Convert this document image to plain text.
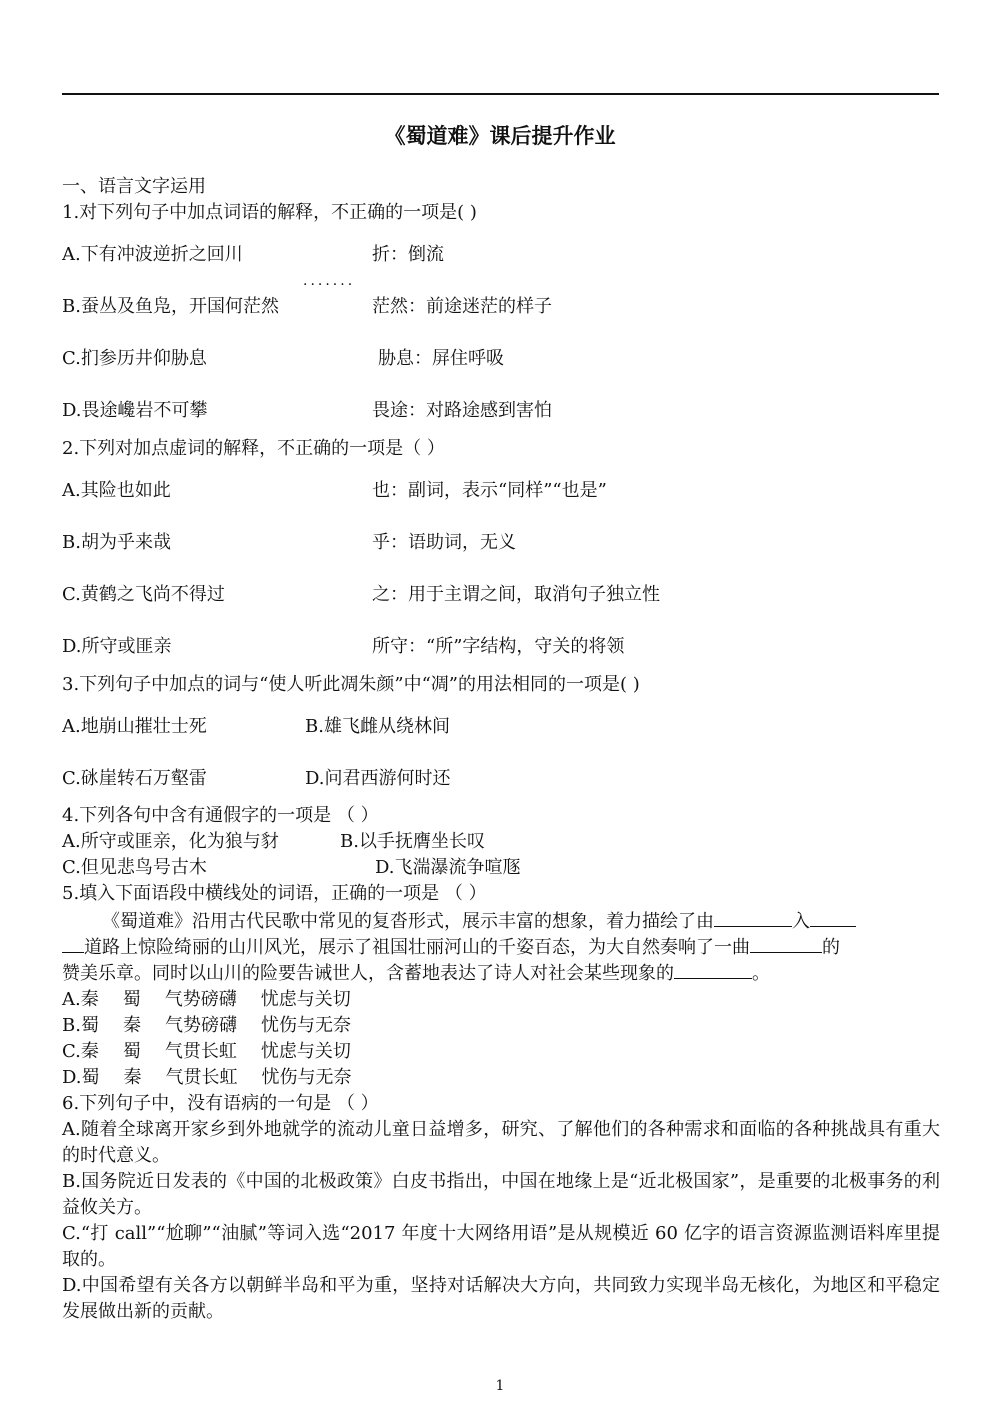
《蜀道难》课后提升作业
一、语言文字运用
1.对下列句子中加点词语的解释，不正确的一项是( )
A.下有冲波逆折之回川	折：倒流
·······
B.蚕丛及鱼凫，开国何茫然	茫然：前途迷茫的样子
C.扪参历井仰胁息	胁息：屏住呼吸
D.畏途巉岩不可攀	畏途：对路途感到害怕
2.下列对加点虚词的解释，不正确的一项是（ ）
A.其险也如此	也：副词，表示“同样”“也是”
B.胡为乎来哉	乎：语助词，无义
C.黄鹤之飞尚不得过	之：用于主谓之间，取消句子独立性
D.所守或匪亲	所守：“所”字结构，守关的将领
3.下列句子中加点的词与“使人听此凋朱颜”中“凋”的用法相同的一项是( )
A.地崩山摧壮士死	B.雄飞雌从绕林间
C.砯崖转石万壑雷	D.问君西游何时还
4.下列各句中含有通假字的一项是 （ ）
A.所守或匪亲，化为狼与豺	B.以手抚膺坐长叹
C.但见悲鸟号古木	D.飞湍瀑流争喧豗
5.填入下面语段中横线处的词语，正确的一项是 （ ）
《蜀道难》沿用古代民歌中常见的复沓形式，展示丰富的想象，着力描绘了由	入
道路上惊险绮丽的山川风光，展示了祖国壮丽河山的千姿百态，为大自然奏响了一曲	的
赞美乐章。同时以山川的险要告诫世人，含蓄地表达了诗人对社会某些现象的	。
A.秦 蜀 气势磅礴 忧虑与关切
B.蜀 秦 气势磅礴 忧伤与无奈
C.秦 蜀 气贯长虹 忧虑与关切
D.蜀 秦 气贯长虹 忧伤与无奈
6.下列句子中，没有语病的一句是 （ ）
A.随着全球离开家乡到外地就学的流动儿童日益增多，研究、了解他们的各种需求和面临的各种挑战具有重大的时代意义。
B.国务院近日发表的《中国的北极政策》白皮书指出，中国在地缘上是“近北极国家”，是重要的北极事务的利益攸关方。
C.“打 call”“尬聊”“油腻”等词入选“2017 年度十大网络用语”是从规模近 60 亿字的语言资源监测语料库里提取的。
D.中国希望有关各方以朝鲜半岛和平为重，坚持对话解决大方向，共同致力实现半岛无核化，为地区和平稳定发展做出新的贡献。
1
